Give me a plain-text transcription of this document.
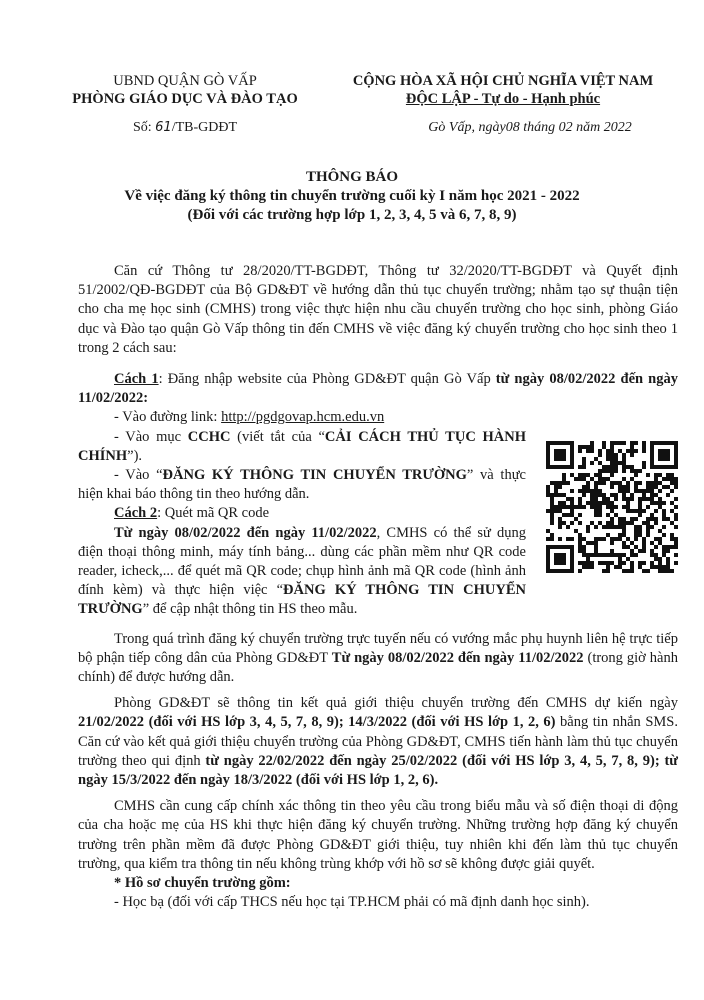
UBND QUẬN GÒ VẤP
PHÒNG GIÁO DỤC VÀ ĐÀO TẠO
CỘNG HÒA XÃ HỘI CHỦ NGHĨA VIỆT NAM
ĐỘC LẬP - Tự do - Hạnh phúc
Số: 61/TB-GDĐT	Gò Vấp, ngày08 tháng 02 năm 2022
THÔNG BÁO
Về việc đăng ký thông tin chuyển trường cuối kỳ I năm học 2021 - 2022
(Đối với các trường hợp lớp 1, 2, 3, 4, 5 và 6, 7, 8, 9)

Căn cứ Thông tư 28/2020/TT-BGDĐT, Thông tư 32/2020/TT-BGDĐT và Quyết định 51/2002/QĐ-BGDĐT của Bộ GD&ĐT về hướng dẫn thủ tục chuyển trường; nhằm tạo sự thuận tiện cho cha mẹ học sinh (CMHS) trong việc thực hiện nhu cầu chuyển trường cho học sinh, phòng Giáo dục và Đào tạo quận Gò Vấp thông tin đến CMHS về việc đăng ký chuyển trường cho học sinh theo 1 trong 2 cách sau:

Cách 1: Đăng nhập website của Phòng GD&ĐT quận Gò Vấp từ ngày 08/02/2022 đến ngày 11/02/2022:

- Vào đường link: http://pgdgovap.hcm.edu.vn

- Vào mục CCHC (viết tắt của “CẢI CÁCH THỦ TỤC HÀNH CHÍNH”).

- Vào “ĐĂNG KÝ THÔNG TIN CHUYỂN TRƯỜNG” và thực hiện khai báo thông tin theo hướng dẫn.

Cách 2: Quét mã QR code

Từ ngày 08/02/2022 đến ngày 11/02/2022, CMHS có thể sử dụng điện thoại thông minh, máy tính bảng... dùng các phần mềm như QR code reader, icheck,... để quét mã QR code; chụp hình ảnh mã QR code (hình ảnh đính kèm) và thực hiện việc “ĐĂNG KÝ THÔNG TIN CHUYỂN TRƯỜNG” để cập nhật thông tin HS theo mẫu.

Trong quá trình đăng ký chuyển trường trực tuyến nếu có vướng mắc phụ huynh liên hệ trực tiếp bộ phận tiếp công dân của Phòng GD&ĐT Từ ngày 08/02/2022 đến ngày 11/02/2022 (trong giờ hành chính) để được hướng dẫn.

Phòng GD&ĐT sẽ thông tin kết quả giới thiệu chuyển trường đến CMHS dự kiến ngày 21/02/2022 (đối với HS lớp 3, 4, 5, 7, 8, 9); 14/3/2022 (đối với HS lớp 1, 2, 6) bằng tin nhắn SMS. Căn cứ vào kết quả giới thiệu chuyển trường của Phòng GD&ĐT, CMHS tiến hành làm thủ tục chuyển trường theo qui định từ ngày 22/02/2022 đến ngày 25/02/2022 (đối với HS lớp 3, 4, 5, 7, 8, 9); từ ngày 15/3/2022 đến ngày 18/3/2022 (đối với HS lớp 1, 2, 6).

CMHS cần cung cấp chính xác thông tin theo yêu cầu trong biểu mẫu và số điện thoại di động của cha hoặc mẹ của HS khi thực hiện đăng ký chuyển trường. Những trường hợp đăng ký chuyển trường trên phần mềm đã được Phòng GD&ĐT giới thiệu, tuy nhiên khi đến làm thủ tục chuyển trường, qua kiểm tra thông tin nếu không trùng khớp với hồ sơ sẽ không được giải quyết.

* Hồ sơ chuyển trường gồm:

- Học bạ (đối với cấp THCS nếu học tại TP.HCM phải có mã định danh học sinh).
